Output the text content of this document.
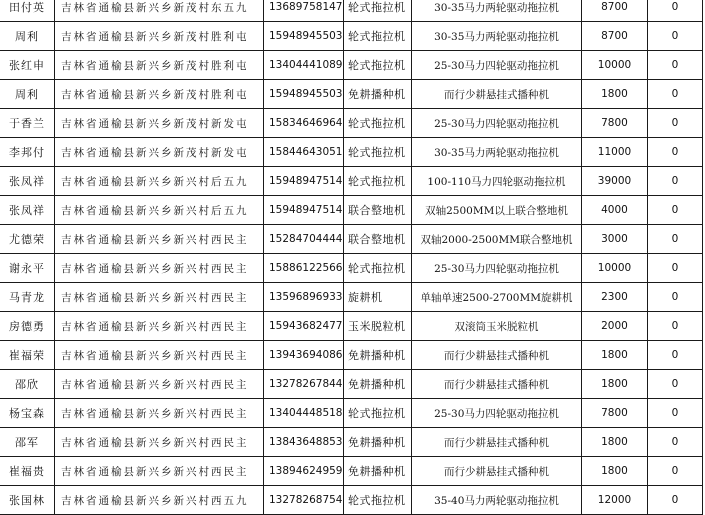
田付英	吉林省通榆县新兴乡新茂村东五九	13689758147	轮式拖拉机	30-35马力两轮驱动拖拉机	8700	0
周利	吉林省通榆县新兴乡新茂村胜利屯	15948945503	轮式拖拉机	30-35马力两轮驱动拖拉机	8700	0
张红申	吉林省通榆县新兴乡新茂村胜利屯	13404441089	轮式拖拉机	25-30马力四轮驱动拖拉机	10000	0
周利	吉林省通榆县新兴乡新茂村胜利屯	15948945503	免耕播种机	而行少耕悬挂式播种机	1800	0
于香兰	吉林省通榆县新兴乡新茂村新发屯	15834646964	轮式拖拉机	25-30马力四轮驱动拖拉机	7800	0
李邦付	吉林省通榆县新兴乡新茂村新发屯	15844643051	轮式拖拉机	30-35马力两轮驱动拖拉机	11000	0
张凤祥	吉林省通榆县新兴乡新兴村后五九	15948947514	轮式拖拉机	100-110马力四轮驱动拖拉机	39000	0
张凤祥	吉林省通榆县新兴乡新兴村后五九	15948947514	联合整地机	双轴2500MM以上联合整地机	4000	0
尤德荣	吉林省通榆县新兴乡新兴村西民主	15284704444	联合整地机	双轴2000-2500MM联合整地机	3000	0
谢永平	吉林省通榆县新兴乡新兴村西民主	15886122566	轮式拖拉机	25-30马力四轮驱动拖拉机	10000	0
马青龙	吉林省通榆县新兴乡新兴村西民主	13596896933	旋耕机	单轴单速2500-2700MM旋耕机	2300	0
房德勇	吉林省通榆县新兴乡新兴村西民主	15943682477	玉米脱粒机	双滚筒玉米脱粒机	2000	0
崔福荣	吉林省通榆县新兴乡新兴村西民主	13943694086	免耕播种机	而行少耕悬挂式播种机	1800	0
邵欣	吉林省通榆县新兴乡新兴村西民主	13278267844	免耕播种机	而行少耕悬挂式播种机	1800	0
杨宝森	吉林省通榆县新兴乡新兴村西民主	13404448518	轮式拖拉机	25-30马力四轮驱动拖拉机	7800	0
邵军	吉林省通榆县新兴乡新兴村西民主	13843648853	免耕播种机	而行少耕悬挂式播种机	1800	0
崔福贵	吉林省通榆县新兴乡新兴村西民主	13894624959	免耕播种机	而行少耕悬挂式播种机	1800	0
张国林	吉林省通榆县新兴乡新兴村西五九	13278268754	轮式拖拉机	35-40马力两轮驱动拖拉机	12000	0
